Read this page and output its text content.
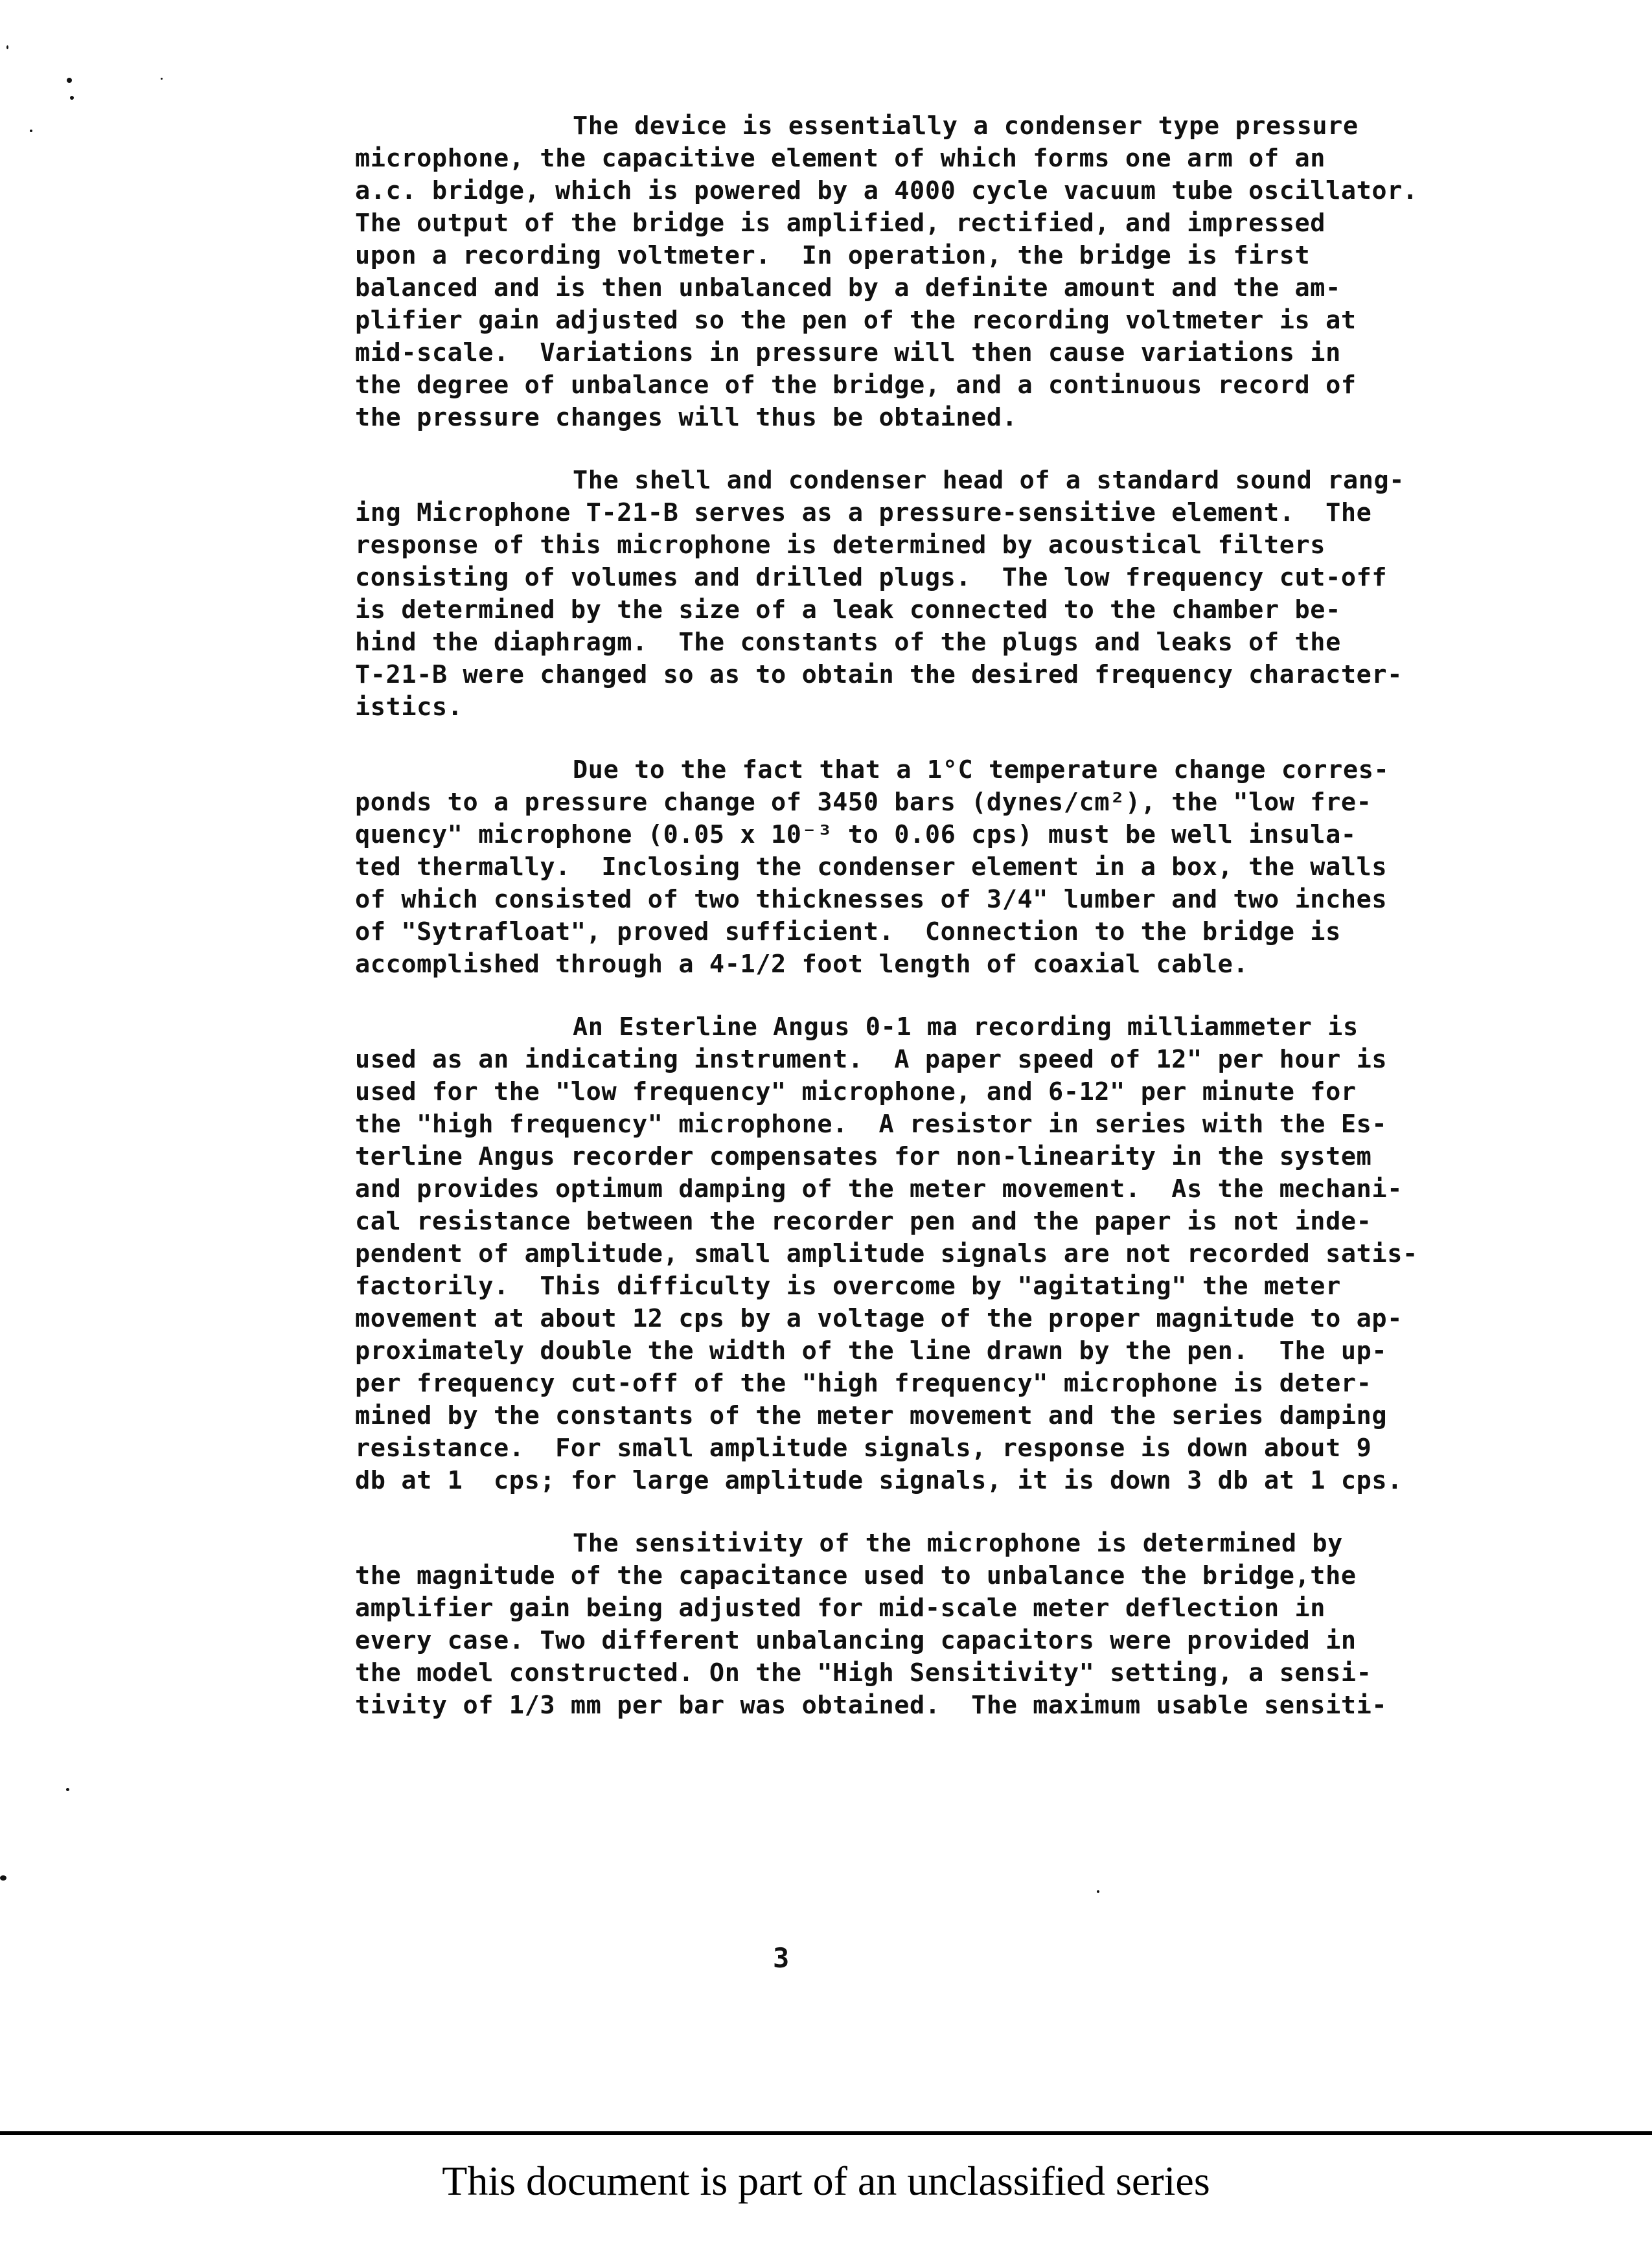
The device is essentially a condenser type pressure
microphone, the capacitive element of which forms one arm of an
a.c. bridge, which is powered by a 4000 cycle vacuum tube oscillator.
The output of the bridge is amplified, rectified, and impressed
upon a recording voltmeter.  In operation, the bridge is first
balanced and is then unbalanced by a definite amount and the am-
plifier gain adjusted so the pen of the recording voltmeter is at
mid-scale.  Variations in pressure will then cause variations in
the degree of unbalance of the bridge, and a continuous record of
the pressure changes will thus be obtained.
The shell and condenser head of a standard sound rang-
ing Microphone T-21-B serves as a pressure-sensitive element.  The
response of this microphone is determined by acoustical filters
consisting of volumes and drilled plugs.  The low frequency cut-off
is determined by the size of a leak connected to the chamber be-
hind the diaphragm.  The constants of the plugs and leaks of the
T-21-B were changed so as to obtain the desired frequency character-
istics.
Due to the fact that a 1°C temperature change corres-
ponds to a pressure change of 3450 bars (dynes/cm²), the "low fre-
quency" microphone (0.05 x 10⁻³ to 0.06 cps) must be well insula-
ted thermally.  Inclosing the condenser element in a box, the walls
of which consisted of two thicknesses of 3/4" lumber and two inches
of "Sytrafloat", proved sufficient.  Connection to the bridge is
accomplished through a 4-1/2 foot length of coaxial cable.
An Esterline Angus 0-1 ma recording milliammeter is
used as an indicating instrument.  A paper speed of 12" per hour is
used for the "low frequency" microphone, and 6-12" per minute for
the "high frequency" microphone.  A resistor in series with the Es-
terline Angus recorder compensates for non-linearity in the system
and provides optimum damping of the meter movement.  As the mechani-
cal resistance between the recorder pen and the paper is not inde-
pendent of amplitude, small amplitude signals are not recorded satis-
factorily.  This difficulty is overcome by "agitating" the meter
movement at about 12 cps by a voltage of the proper magnitude to ap-
proximately double the width of the line drawn by the pen.  The up-
per frequency cut-off of the "high frequency" microphone is deter-
mined by the constants of the meter movement and the series damping
resistance.  For small amplitude signals, response is down about 9
db at 1  cps; for large amplitude signals, it is down 3 db at 1 cps.
The sensitivity of the microphone is determined by
the magnitude of the capacitance used to unbalance the bridge,the
amplifier gain being adjusted for mid-scale meter deflection in
every case. Two different unbalancing capacitors were provided in
the model constructed. On the "High Sensitivity" setting, a sensi-
tivity of 1/3 mm per bar was obtained.  The maximum usable sensiti-
3
This document is part of an unclassified series
